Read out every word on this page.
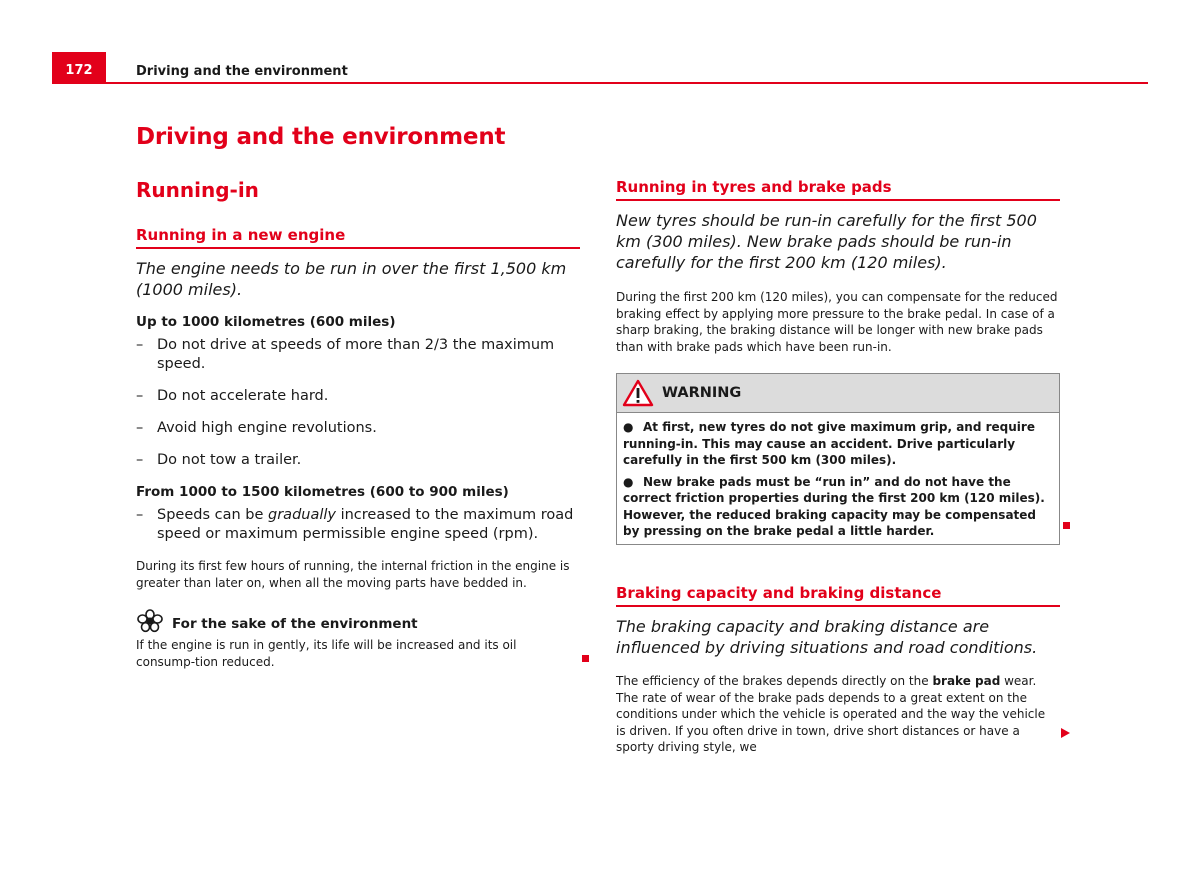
172	Driving and the environment
Driving and the environment
Running-in
Running in a new engine

The engine needs to be run in over the first 1,500 km (1000 miles).

Up to 1000 kilometres (600 miles)
– Do not drive at speeds of more than 2/3 the maximum speed.
– Do not accelerate hard.
– Avoid high engine revolutions.
– Do not tow a trailer.
From 1000 to 1500 kilometres (600 to 900 miles)
– Speeds can be gradually increased to the maximum road speed or maximum permissible engine speed (rpm).

During its first few hours of running, the internal friction in the engine is greater than later on, when all the moving parts have bedded in.

For the sake of the environment

If the engine is run in gently, its life will be increased and its oil consump-tion reduced.

Running in tyres and brake pads

New tyres should be run-in carefully for the first 500 km (300 miles). New brake pads should be run-in carefully for the first 200 km (120 miles).

During the first 200 km (120 miles), you can compensate for the reduced braking effect by applying more pressure to the brake pedal. In case of a sharp braking, the braking distance will be longer with new brake pads than with brake pads which have been run-in.

WARNING

● At first, new tyres do not give maximum grip, and require running-in. This may cause an accident. Drive particularly carefully in the first 500 km (300 miles).

● New brake pads must be “run in” and do not have the correct friction properties during the first 200 km (120 miles). However, the reduced braking capacity may be compensated by pressing on the brake pedal a little harder.

Braking capacity and braking distance

The braking capacity and braking distance are influenced by driving situations and road conditions.

The efficiency of the brakes depends directly on the brake pad wear. The rate of wear of the brake pads depends to a great extent on the conditions under which the vehicle is operated and the way the vehicle is driven. If you often drive in town, drive short distances or have a sporty driving style, we
